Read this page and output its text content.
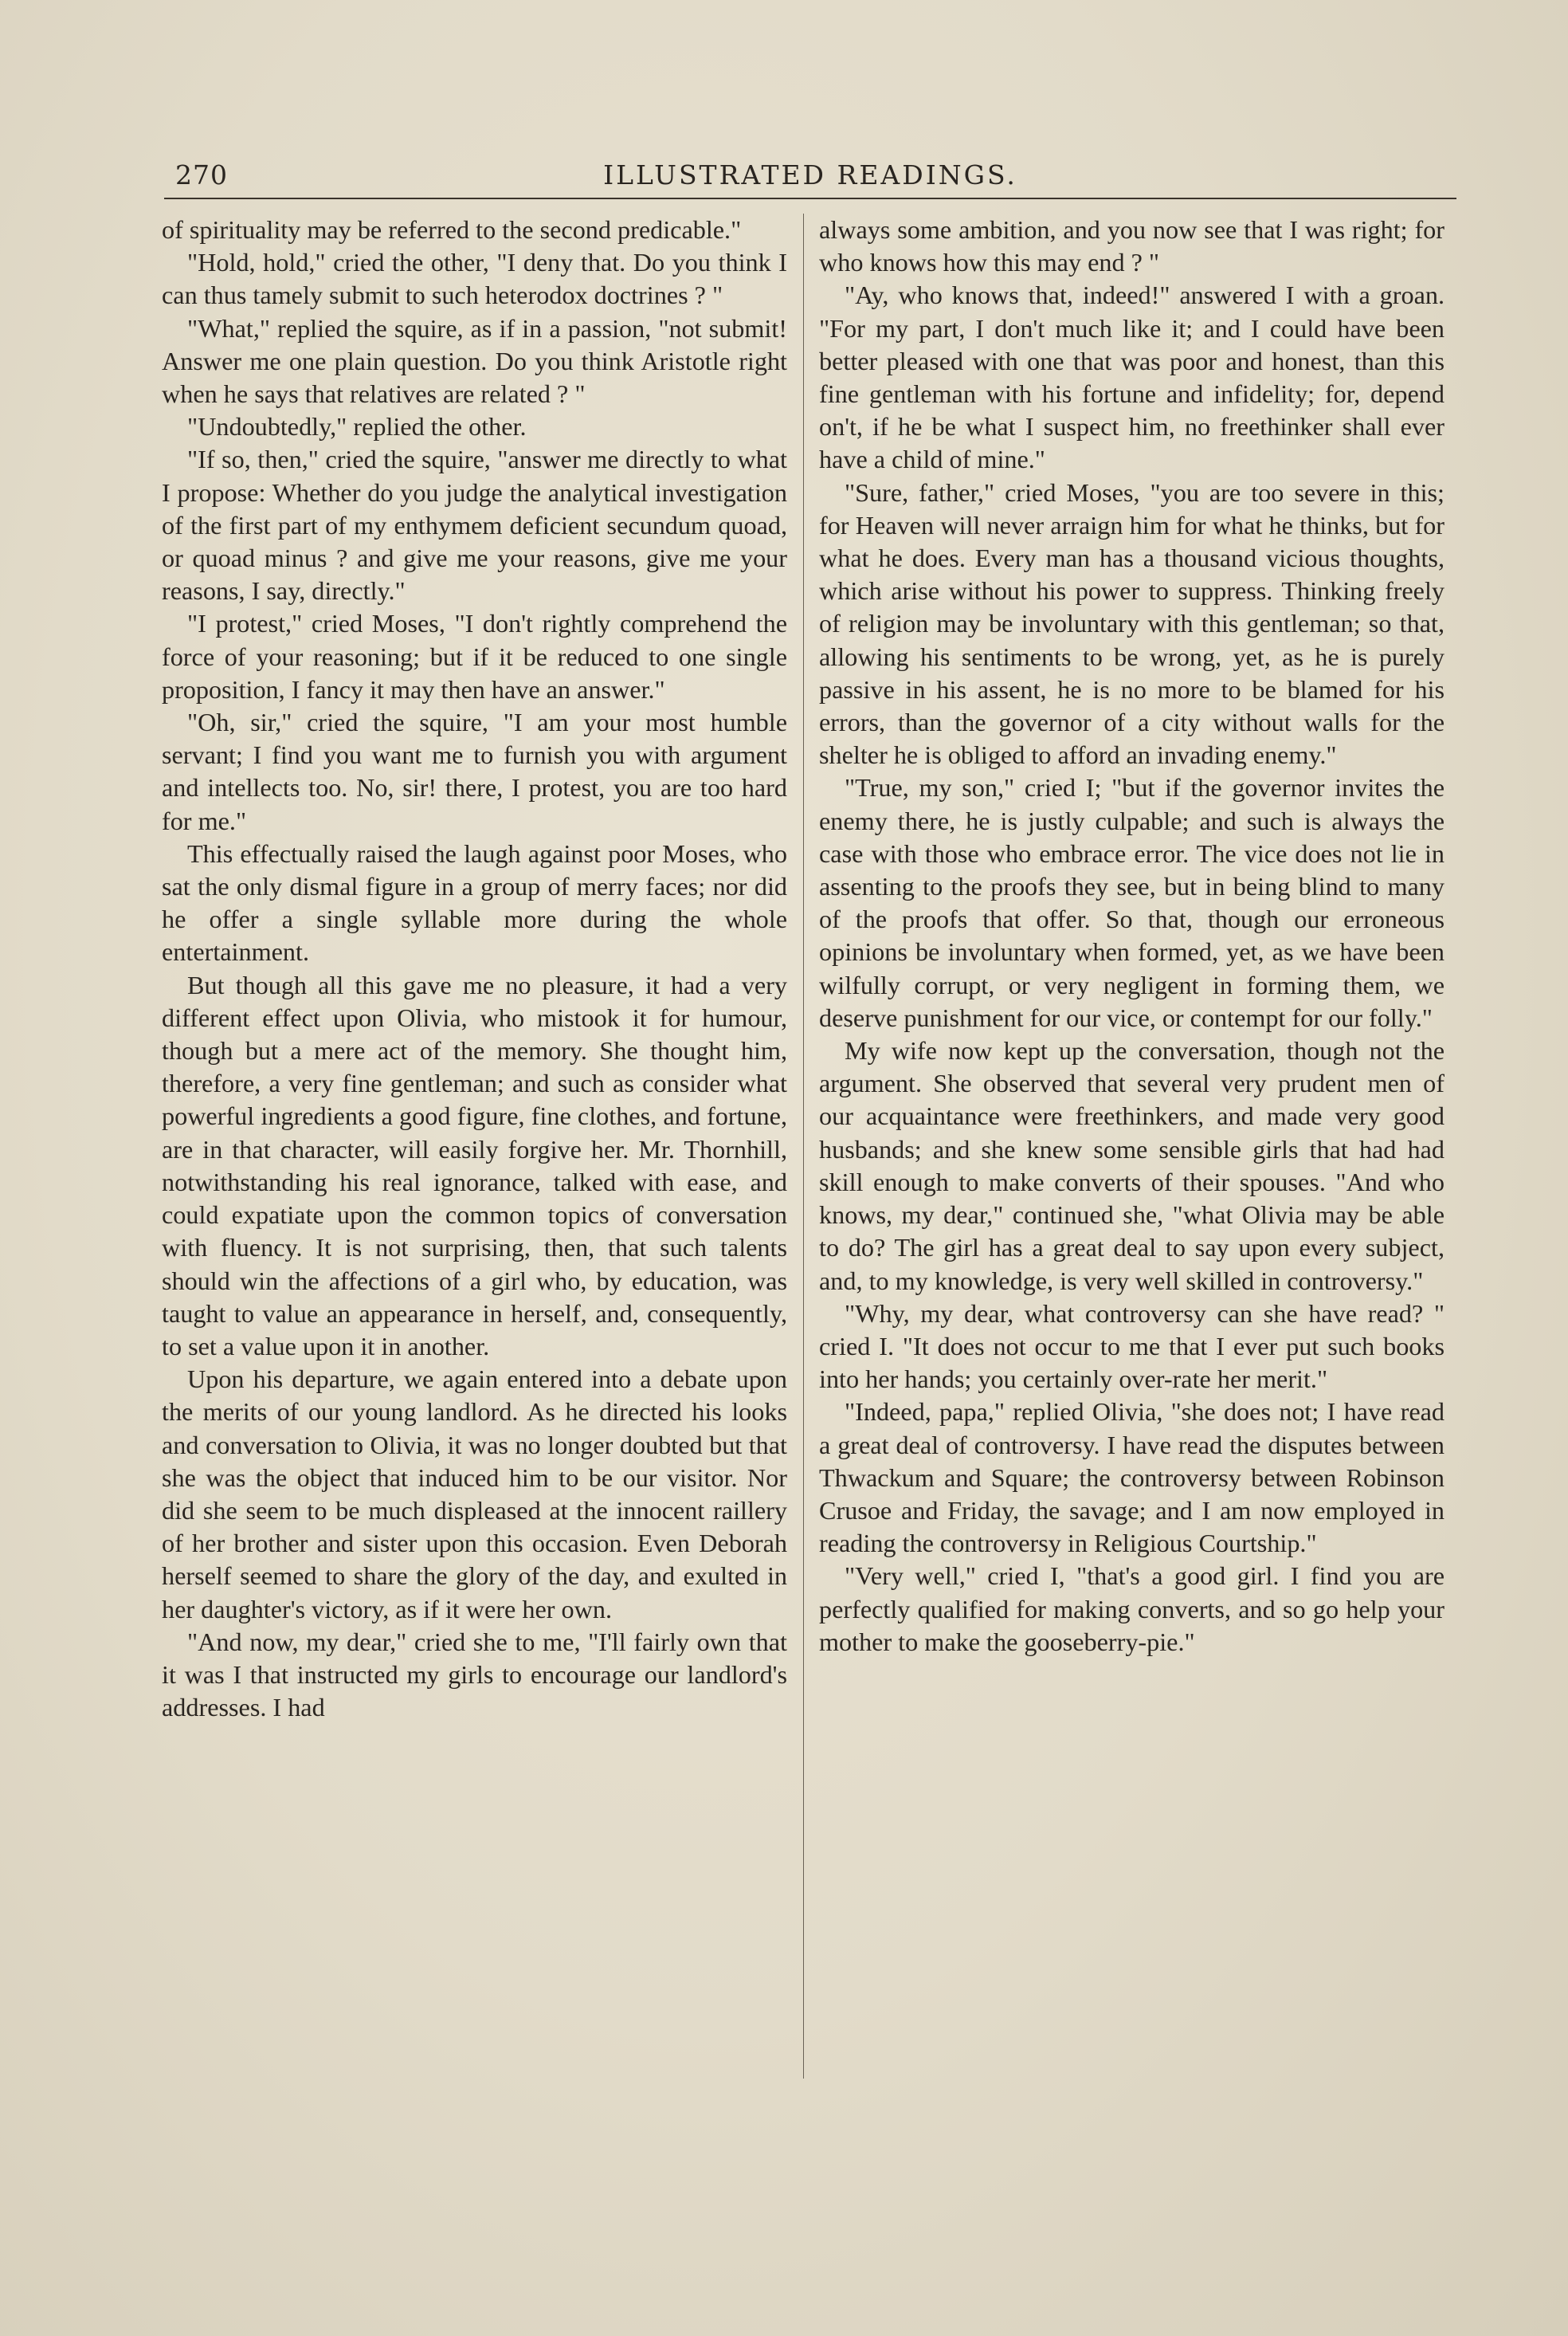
270	ILLUSTRATED READINGS.

of spirituality may be referred to the second predicable."

"Hold, hold," cried the other, "I deny that. Do you think I can thus tamely submit to such heterodox doctrines ? "

"What," replied the squire, as if in a passion, "not submit! Answer me one plain question. Do you think Aristotle right when he says that relatives are related ? "

"Undoubtedly," replied the other.

"If so, then," cried the squire, "answer me directly to what I propose: Whether do you judge the analytical investigation of the first part of my enthymem deficient secundum quoad, or quoad minus ? and give me your reasons, give me your reasons, I say, directly."

"I protest," cried Moses, "I don't rightly comprehend the force of your reasoning; but if it be reduced to one single proposition, I fancy it may then have an answer."

"Oh, sir," cried the squire, "I am your most humble servant; I find you want me to furnish you with argument and intellects too. No, sir! there, I protest, you are too hard for me."

This effectually raised the laugh against poor Moses, who sat the only dismal figure in a group of merry faces; nor did he offer a single syllable more during the whole entertainment.

But though all this gave me no pleasure, it had a very different effect upon Olivia, who mistook it for humour, though but a mere act of the memory. She thought him, therefore, a very fine gentleman; and such as consider what powerful ingredients a good figure, fine clothes, and fortune, are in that character, will easily forgive her. Mr. Thornhill, notwithstanding his real ignorance, talked with ease, and could expatiate upon the common topics of conversation with fluency. It is not surprising, then, that such talents should win the affections of a girl who, by education, was taught to value an appearance in herself, and, consequently, to set a value upon it in another.

Upon his departure, we again entered into a debate upon the merits of our young landlord. As he directed his looks and conversation to Olivia, it was no longer doubted but that she was the object that induced him to be our visitor. Nor did she seem to be much displeased at the innocent raillery of her brother and sister upon this occasion. Even Deborah herself seemed to share the glory of the day, and exulted in her daughter's victory, as if it were her own.

"And now, my dear," cried she to me, "I'll fairly own that it was I that instructed my girls to encourage our landlord's addresses. I had

always some ambition, and you now see that I was right; for who knows how this may end ? "

"Ay, who knows that, indeed!" answered I with a groan. "For my part, I don't much like it; and I could have been better pleased with one that was poor and honest, than this fine gentleman with his fortune and infidelity; for, depend on't, if he be what I suspect him, no freethinker shall ever have a child of mine."

"Sure, father," cried Moses, "you are too severe in this; for Heaven will never arraign him for what he thinks, but for what he does. Every man has a thousand vicious thoughts, which arise without his power to suppress. Thinking freely of religion may be involuntary with this gentleman; so that, allowing his sentiments to be wrong, yet, as he is purely passive in his assent, he is no more to be blamed for his errors, than the governor of a city without walls for the shelter he is obliged to afford an invading enemy."

"True, my son," cried I; "but if the governor invites the enemy there, he is justly culpable; and such is always the case with those who embrace error. The vice does not lie in assenting to the proofs they see, but in being blind to many of the proofs that offer. So that, though our erroneous opinions be involuntary when formed, yet, as we have been wilfully corrupt, or very negligent in forming them, we deserve punishment for our vice, or contempt for our folly."

My wife now kept up the conversation, though not the argument. She observed that several very prudent men of our acquaintance were freethinkers, and made very good husbands; and she knew some sensible girls that had had skill enough to make converts of their spouses. "And who knows, my dear," continued she, "what Olivia may be able to do? The girl has a great deal to say upon every subject, and, to my knowledge, is very well skilled in controversy."

"Why, my dear, what controversy can she have read? " cried I. "It does not occur to me that I ever put such books into her hands; you certainly over-rate her merit."

"Indeed, papa," replied Olivia, "she does not; I have read a great deal of controversy. I have read the disputes between Thwackum and Square; the controversy between Robinson Crusoe and Friday, the savage; and I am now employed in reading the controversy in Religious Courtship."

"Very well," cried I, "that's a good girl. I find you are perfectly qualified for making converts, and so go help your mother to make the gooseberry-pie."
